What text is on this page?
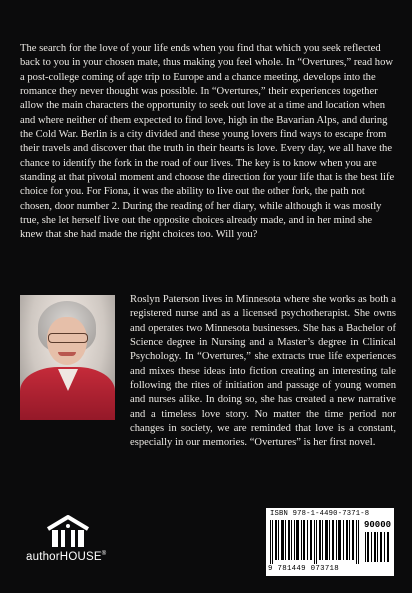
The search for the love of your life ends when you find that which you seek reflected back to you in your chosen mate, thus making you feel whole. In “Overtures,” read how a post-college coming of age trip to Europe and a chance meeting, develops into the romance they never thought was possible. In “Overtures,” their experiences together allow the main characters the opportunity to seek out love at a time and location when and where neither of them expected to find love, high in the Bavarian Alps, and during the Cold War. Berlin is a city divided and these young lovers find ways to escape from their travels and discover that the truth in their hearts is love. Every day, we all have the chance to identify the fork in the road of our lives. The key is to know when you are standing at that pivotal moment and choose the direction for your life that is the best life choice for you. For Fiona, it was the ability to live out the other fork, the path not chosen, door number 2. During the reading of her diary, while although it was mostly true, she let herself live out the opposite choices already made, and in her mind she knew that she had made the right choices too. Will you?

Roslyn Paterson lives in Minnesota where she works as both a registered nurse and as a licensed psychotherapist. She owns and operates two Minnesota businesses. She has a Bachelor of Science degree in Nursing and a Master’s degree in Clinical Psychology. In “Overtures,” she extracts true life experiences and mixes these ideas into fiction creating an interesting tale following the rites of initiation and passage of young women and nurses alike. In doing so, she has created a new narrative and a timeless love story. No matter the time period nor changes in society, we are reminded that love is a constant, especially in our memories. “Overtures” is her first novel.

authorHOUSE®
ISBN 978-1-4490-7371-8
90000
9 781449 073718
